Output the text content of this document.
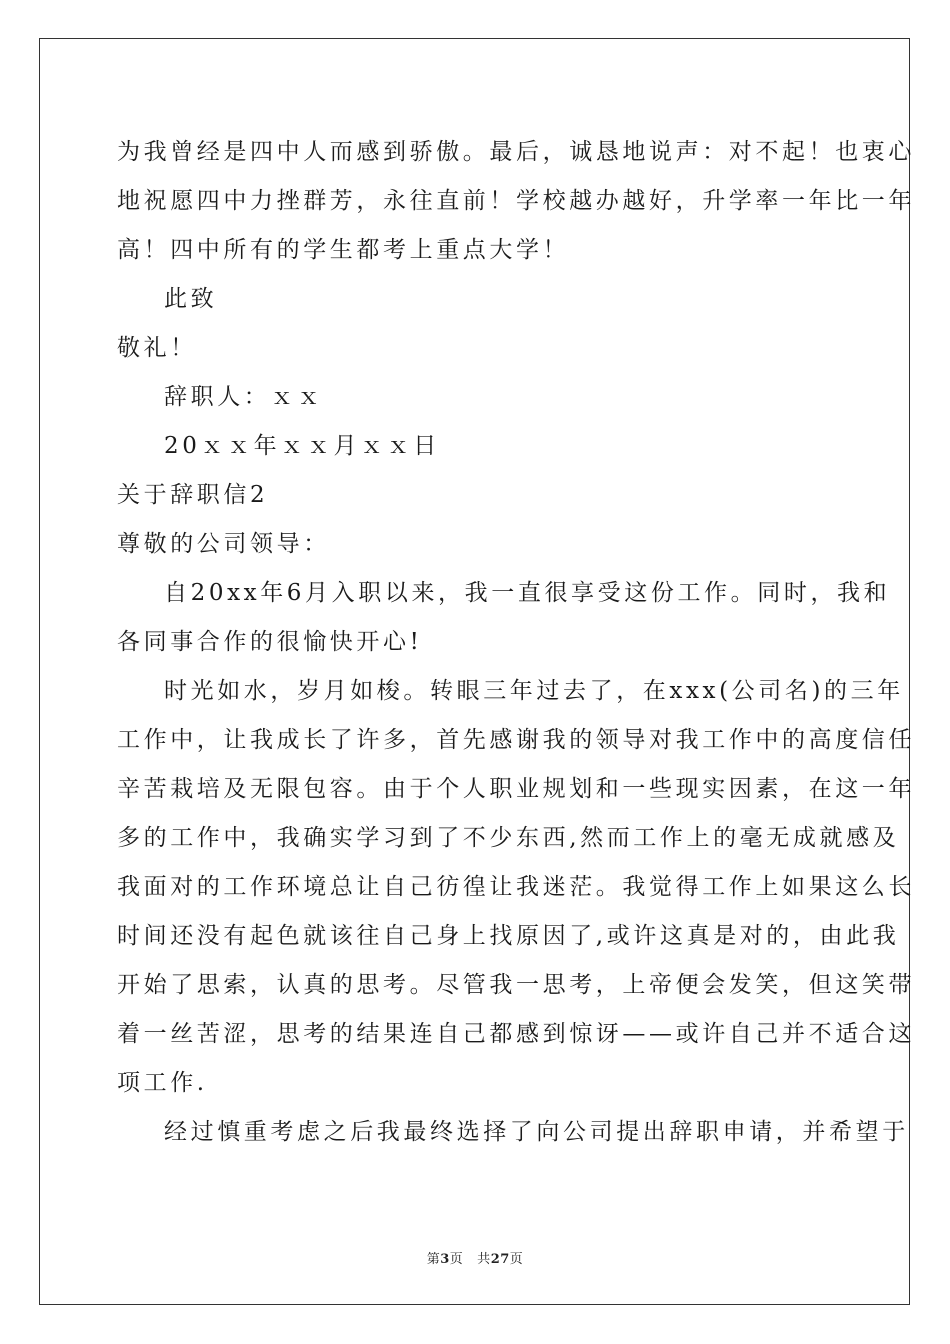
为我曾经是四中人而感到骄傲。最后，诚恳地说声：对不起！也衷心
地祝愿四中力挫群芳，永往直前！学校越办越好，升学率一年比一年
高！四中所有的学生都考上重点大学！
此致
敬礼！
辞职人：ｘｘ
20ｘｘ年ｘｘ月ｘｘ日
关于辞职信2
尊敬的公司领导：
自20xx年6月入职以来，我一直很享受这份工作。同时，我和
各同事合作的很愉快开心!
时光如水，岁月如梭。转眼三年过去了，在xxx(公司名)的三年
工作中，让我成长了许多，首先感谢我的领导对我工作中的高度信任
辛苦栽培及无限包容。由于个人职业规划和一些现实因素，在这一年
多的工作中，我确实学习到了不少东西,然而工作上的毫无成就感及
我面对的工作环境总让自己彷徨让我迷茫。我觉得工作上如果这么长
时间还没有起色就该往自己身上找原因了,或许这真是对的，由此我
开始了思索，认真的思考。尽管我一思考，上帝便会发笑，但这笑带
着一丝苦涩，思考的结果连自己都感到惊讶——或许自己并不适合这
项工作.
经过慎重考虑之后我最终选择了向公司提出辞职申请，并希望于
第3页 共27页
